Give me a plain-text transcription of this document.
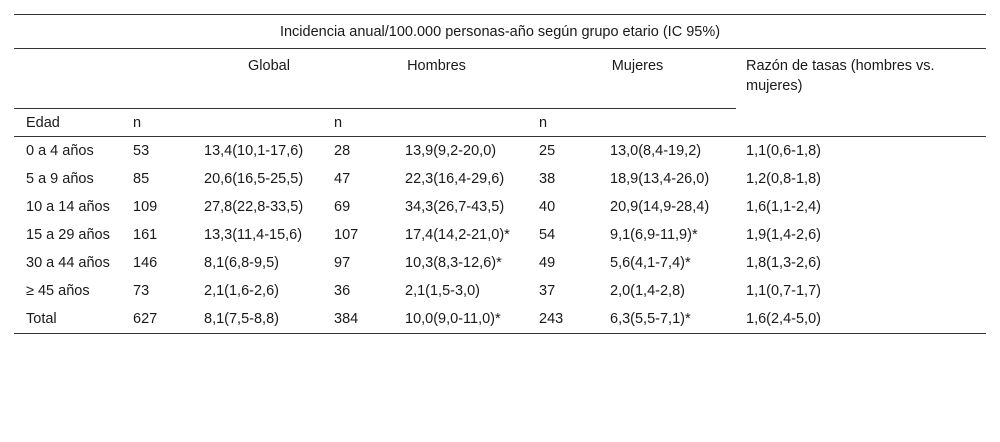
Incidencia anual/100.000 personas-año según grupo etario (IC 95%)							
		Global	Hombres		Mujeres		Razón de tasas (hombres vs. mujeres)
Edad	n		n		n		
0 a 4 años	53	13,4(10,1-17,6)	28	13,9(9,2-20,0)	25	13,0(8,4-19,2)	1,1(0,6-1,8)
5 a 9 años	85	20,6(16,5-25,5)	47	22,3(16,4-29,6)	38	18,9(13,4-26,0)	1,2(0,8-1,8)
10 a 14 años	109	27,8(22,8-33,5)	69	34,3(26,7-43,5)	40	20,9(14,9-28,4)	1,6(1,1-2,4)
15 a 29 años	161	13,3(11,4-15,6)	107	17,4(14,2-21,0)*	54	9,1(6,9-11,9)*	1,9(1,4-2,6)
30 a 44 años	146	8,1(6,8-9,5)	97	10,3(8,3-12,6)*	49	5,6(4,1-7,4)*	1,8(1,3-2,6)
≥ 45 años	73	2,1(1,6-2,6)	36	2,1(1,5-3,0)	37	2,0(1,4-2,8)	1,1(0,7-1,7)
Total	627	8,1(7,5-8,8)	384	10,0(9,0-11,0)*	243	6,3(5,5-7,1)*	1,6(2,4-5,0)
